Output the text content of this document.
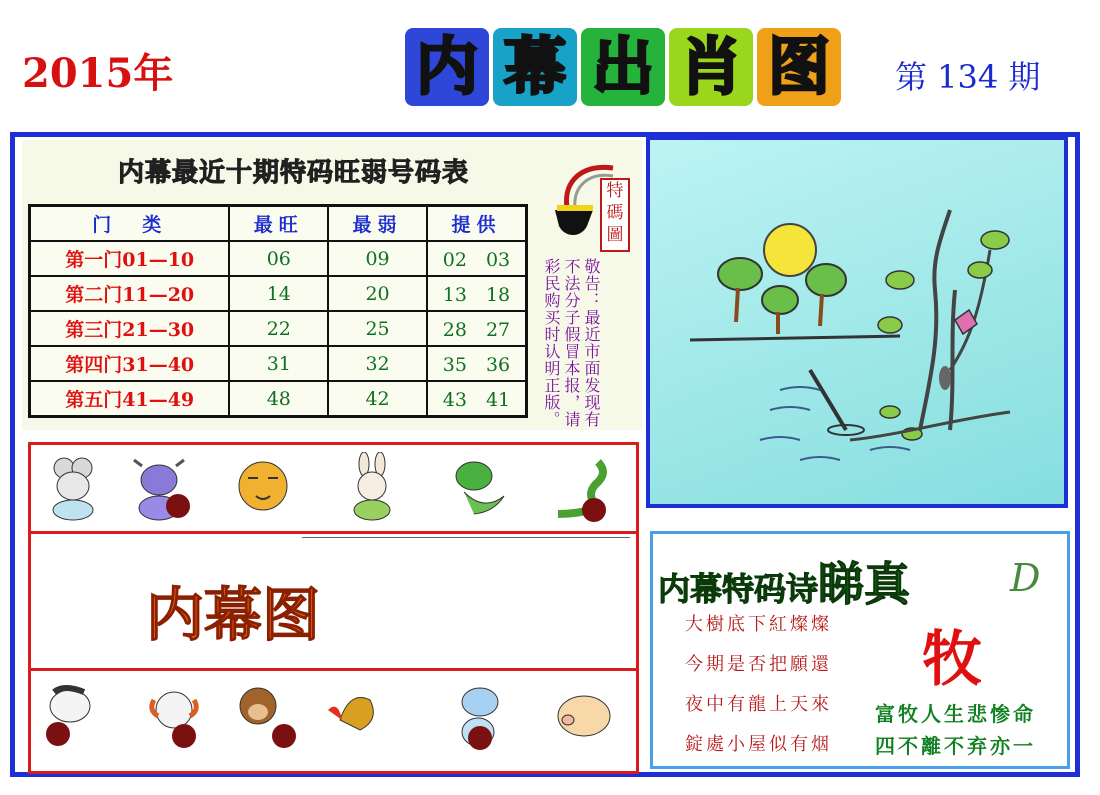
2015年	内 幕 出 肖 图	第 134 期
内幕最近十期特码旺弱号码表
门　类	最旺	最弱	提供
第一门01—10	06	09	02　03
第二门11—20	14	20	13　18
第三门21—30	22	25	28　27
第四门31—40	31	32	35　36
第五门41—49	48	42	43　41
特碼圖
敬告：最近市面发现有不法分子假冒本报，请彩民购买时认明正版。
内幕图	内幕特码诗睇真	D
大樹底下紅燦燦
今期是否把願還
夜中有龍上天來
錠處小屋似有烟
牧
富牧人生悲惨命
四不離不弃亦一
